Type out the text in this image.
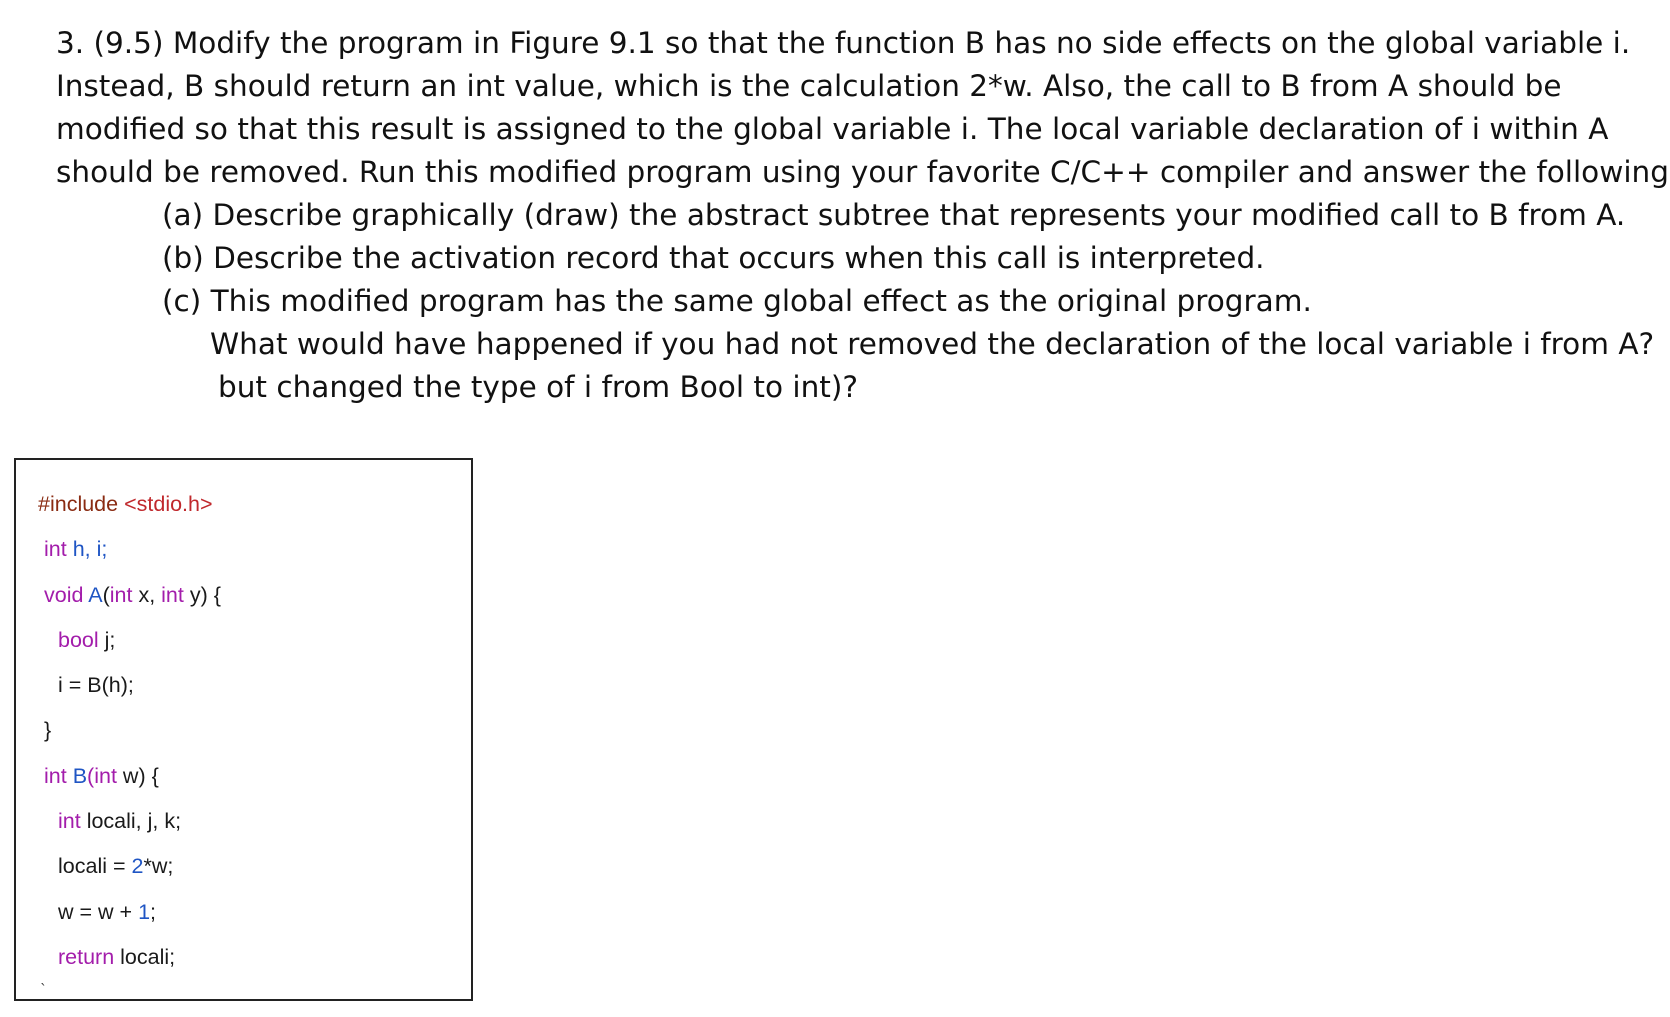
3. (9.5) Modify the program in Figure 9.1 so that the function B has no side effects on the global variable i.
Instead, B should return an int value, which is the calculation 2*w. Also, the call to B from A should be
modified so that this result is assigned to the global variable i. The local variable declaration of i within A
should be removed. Run this modified program using your favorite C/C++ compiler and answer the following
(a) Describe graphically (draw) the abstract subtree that represents your modified call to B from A.
(b) Describe the activation record that occurs when this call is interpreted.
(c) This modified program has the same global effect as the original program.
What would have happened if you had not removed the declaration of the local variable i from A?
but changed the type of i from Bool to int)?
#include <stdio.h>
int h, i;
void A(int x, int y) {
bool j;
i = B(h);
}
int B(int w) {
int locali, j, k;
locali = 2*w;
w = w + 1;
return locali;
ˎ
